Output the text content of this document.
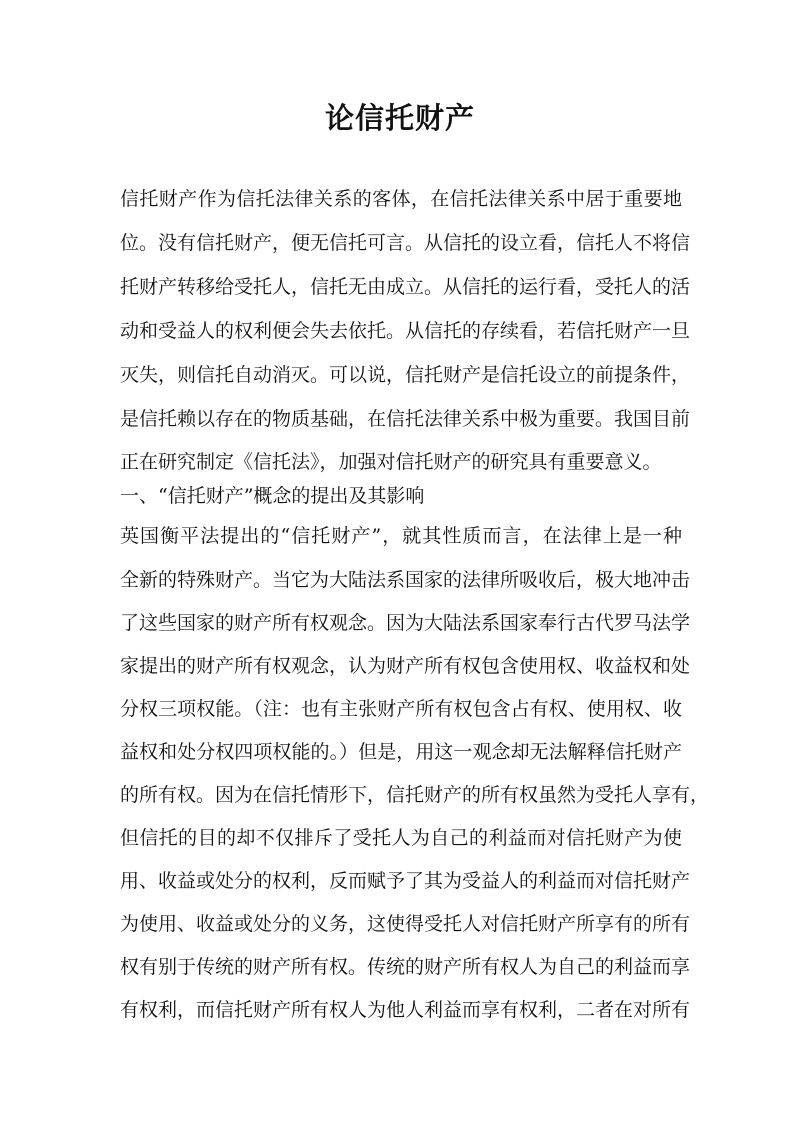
论信托财产
信托财产作为信托法律关系的客体，在信托法律关系中居于重要地
位。没有信托财产，便无信托可言。从信托的设立看，信托人不将信
托财产转移给受托人，信托无由成立。从信托的运行看，受托人的活
动和受益人的权利便会失去依托。从信托的存续看，若信托财产一旦
灭失，则信托自动消灭。可以说，信托财产是信托设立的前提条件，
是信托赖以存在的物质基础，在信托法律关系中极为重要。我国目前
正在研究制定《信托法》，加强对信托财产的研究具有重要意义。
一、“信托财产”概念的提出及其影响
英国衡平法提出的“信托财产”，就其性质而言，在法律上是一种
全新的特殊财产。当它为大陆法系国家的法律所吸收后，极大地冲击
了这些国家的财产所有权观念。因为大陆法系国家奉行古代罗马法学
家提出的财产所有权观念，认为财产所有权包含使用权、收益权和处
分权三项权能。（注：也有主张财产所有权包含占有权、使用权、收
益权和处分权四项权能的。）但是，用这一观念却无法解释信托财产
的所有权。因为在信托情形下，信托财产的所有权虽然为受托人享有，
但信托的目的却不仅排斥了受托人为自己的利益而对信托财产为使
用、收益或处分的权利，反而赋予了其为受益人的利益而对信托财产
为使用、收益或处分的义务，这使得受托人对信托财产所享有的所有
权有别于传统的财产所有权。传统的财产所有权人为自己的利益而享
有权利，而信托财产所有权人为他人利益而享有权利，二者在对所有
